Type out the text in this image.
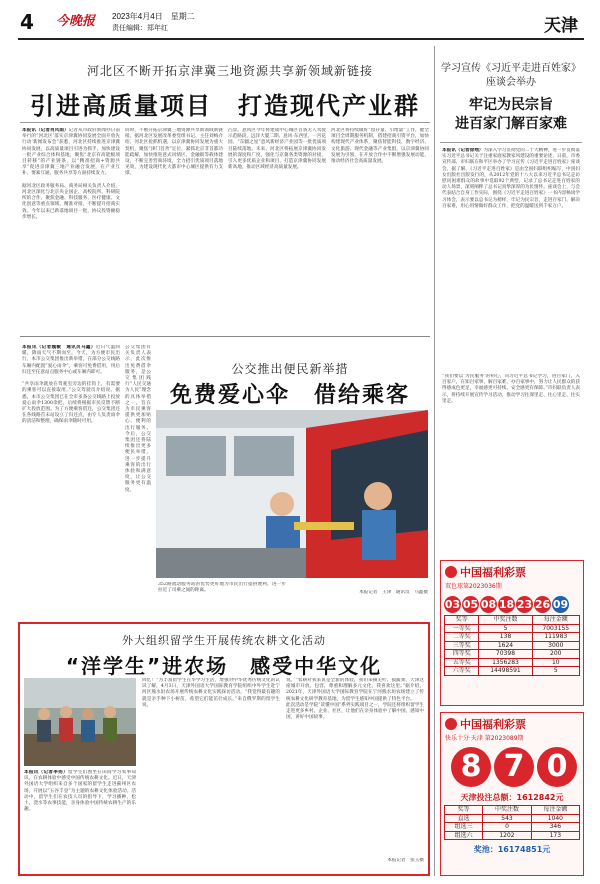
4 今晚报 2023年4月4日　星期二
责任编辑：郑年红	天津
河北区不断开拓京津冀三地资源共享新领域新链接
引进高质量项目　打造现代产业群
本报讯（记者肖风雨）记者从市政府新闻办日前举行的“河北区‘落实京津冀协同发展全面开放先行动’新闻发布会”获悉，河北区持续推进京津冀协同发展，以高质量项目引进为抓手，加快建设一批产业综合体和基地，聚焦“北京有高能级项目转移”的产业链条，以“精准招商+资源共享”促进京津冀三地产业融合发展，在产业互补、要素互通、服务共享等方面持续发力。

据河北区政务服务局、商务局相关负责人介绍，河北区深化与北京央企国企、高校院所、科研院所的合作，聚焦金融、科技服务、医疗健康、文化创意等重点领域，精准对接，不断提升招商实效。今年以来已新落地项目一批，协议投资额稳步增长。
同时，不断开拓京津冀三地资源共享新领域新链接。据河北区发展改革委党组书记、主任刘梅介绍，河北区抢抓机遇，以京津冀协同发展为重大契机，聚焦“津门首善”定位，紧抓北京非首都功能疏解，加快推进意式风情区、金融街等载体建设，不断完善营商环境，全力招引优质项目落地见效，为建设现代化大都市中心城区提供有力支撑。
凸显。意风区今年将建成中心城区首条无人驾驶示范路段，远洋大厦二期、意风·东西里、一宫花园、“东疆之星”意风新经济产业园等一批优质项目陆续落地。未来，河北区将拓展京津冀协同发展的深度和广度，强化与京冀各类资源的对接，引入更多优质企业和项目，打造京津冀协同发展新高地，推动区域经济高质量发展。
河北区将持续做好“留存量、引增量”工作，健全项目全周期服务机制，搭建招商引资平台，加快构建现代产业体系，聚焦智能科技、数字经济、文化旅游、现代金融等产业集群，以京津冀协同发展为引领，在开放合作中不断增强发展动能，推动经济社会高质量发展。
本报讯（记者魏敏　通讯员马鑫）近日气温回暖，降雨天气不期而至。今天，为方便市民出行，本市公交集团推出新举措，在部分公交线路车厢内配置“爱心雨伞”，乘客可免费借用，用后归还至任意站点服务中心或车厢内即可。

“共享雨伞就放在驾驶室旁边的挂钩上，有需要的乘客可以直接取用。”公交驾驶员介绍说。据悉，本市公交集团已在全市多条公交线路上投放爱心雨伞1300余把，后续将根据市民反馈不断扩大投放范围。为了方便乘客借还，公交集团还在各线路首末站设立了归还点，由专人负责雨伞的清洁和整理，确保雨伞随时可用。
公交集团有关负责人表示，此次推出免费借伞服务，是公交集团践行“人民交通为人民”理念的具体举措之一，旨在为市民乘客提供更加贴心、便利的出行服务。今后，公交集团还将陆续推出更多便民举措，进一步提升乘客的出行体验和满意度，让公交服务更有温度。
公交推出便民新举措
免费爱心伞　借给乘客
352路流动服务站的优势更好地为市民出行提供便利，进一步拉近了司乘之间的距离。	本报记者　王津　通讯员　马鑫摄
外大组织留学生开展传统农耕文化活动
“洋学生”进农场　感受中华文化
本报讯（记者李扬）留学生们围坐在田间学习农事知识，在农耕体验中感受中国传统农耕文化。近日，天津外国语大学组织来自多个国家的留学生走进蓟州区农场，开展以“五谷丰登”为主题的农耕文化体验活动。活动中，留学生们在农技人员的指导下，学习播种、松土、浇水等农事技能，亲身体验中国传统农耕生产的乐趣。
回忆！”为丰富留学生在华学习生活，增强对中华优秀传统文化的认识了解，4月3日，天津外国语大学国际教育学院组织中外学生赴宁河区熊水垣农场开展传统农耕文化实践探访活动。“我觉得最有趣的就是亲手种下小树苗，希望它们能茁壮成长。”来自俄罗斯的留学生说。
说。“农耕对我来说是全新的体验，我们采摘尖叶、摸蔬菜，天津这座城市开放、包容，尊重和理解多元文化，我喜欢这里。”据介绍，2021年，天津外国语大学国际教育学院在宁河熊水垣农场建立了传统农耕文化研学教育基地，为留学生感知中国提供了特色平台。
此次活动是学院“读懂中国”系列实践项目之一，学院还将组织留学生走进更多乡村、企业、社区，让他们在亲身体验中了解中国、感知中国，讲好中国故事。
本报记者　张玉摄
学习宣传《习近平走进百姓家》座谈会举办
牢记为民宗旨
进百家门解百家难
本报讯（记者徐翔）为深入学习贯彻党的二十大精神，进一步贯彻落实习近平总书记关于注重家庭家教家风建设的重要论述，日前，市委宣传部、市妇联在和平区举办了学习宣传《习近平走进百姓家》座谈会。据了解，《习近平走进百姓家》是由全国妇联组织编写，中国妇女出版社出版发行的，从2012年党的十八大以来习近平总书记走访慰问困难群众的故事中选取92个典型，记录了总书记走进百姓家的动人场景，深刻阐释了总书记真挚深厚的为民情怀。座谈会上，与会代表结合自身工作实际，围绕《习近平走进百姓家》一书内容畅谈学习体会，表示要以总书记为榜样，牢记为民宗旨，走进百家门、解决百家难，用心用情做好群众工作，把党的温暖送到千家万户。
“我们要以‘为民服务’的初心，向习近平总书记学习，进百家门，入百家户，在知百家事、解百家难、办百家事中，努力让人民群众的获得感成色更足、幸福感更可持续、安全感更有保障。”市妇联负责人表示，将持续开展宣传学习活动，推动学习往深里走、往心里走、往实里走。
中国福利彩票
双色球第2023036期
03 05 08 18 23 26 09
奖等	中奖注数	每注金额
一等奖	5	7003155
二等奖	138	111983
三等奖	1624	3000
四等奖	70398	200
五等奖	1356283	10
六等奖	14498591	5
中国福利彩票
快乐十分·天津 第2023089期
8 7 0
天津投注总额：1612842元
奖等	中奖注数	每注金额
直选	543	1040
组选三	0	346
组选六	1202	173
奖池：16174851元
